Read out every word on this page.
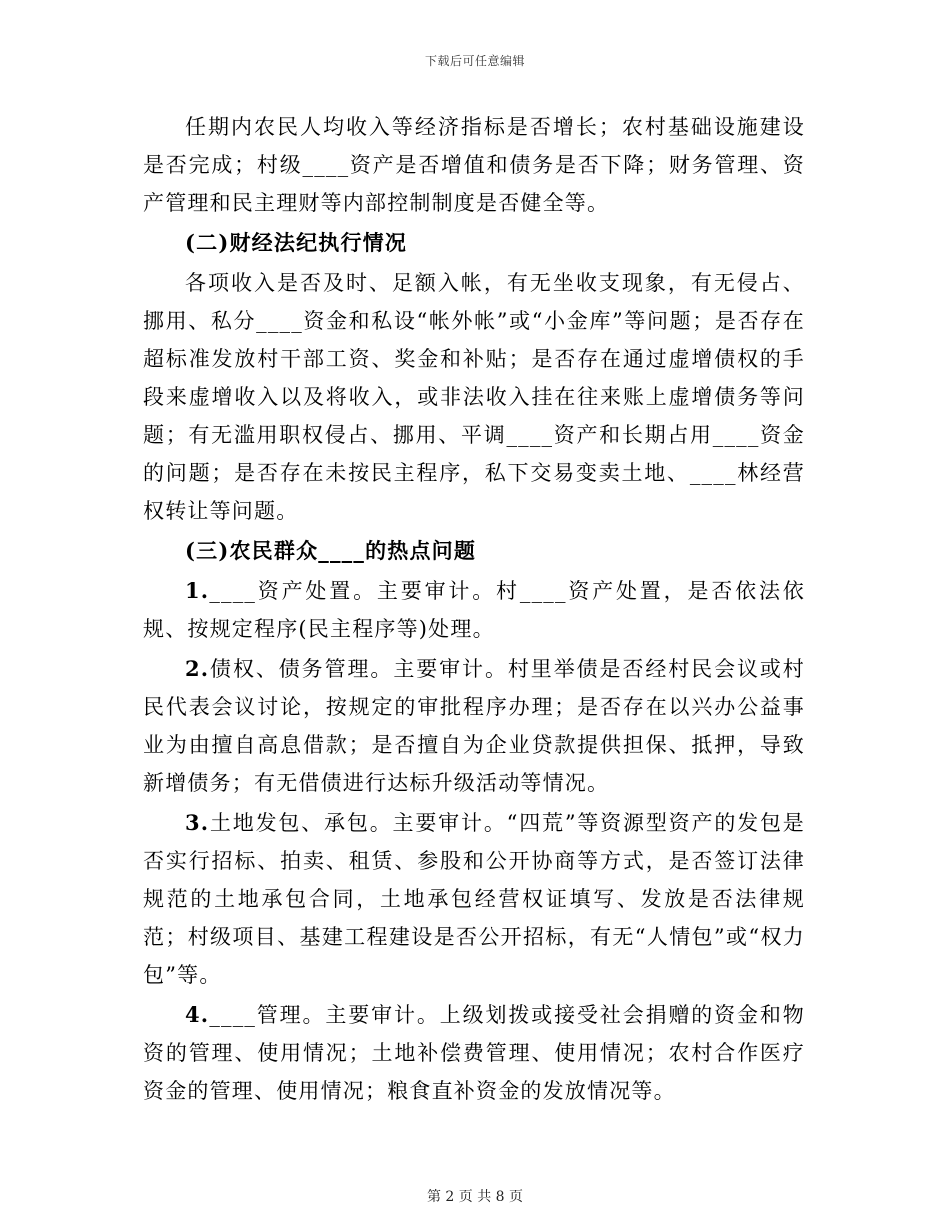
下载后可任意编辑

任期内农民人均收入等经济指标是否增长；农村基础设施建设是否完成；村级____资产是否增值和债务是否下降；财务管理、资产管理和民主理财等内部控制制度是否健全等。

(二)财经法纪执行情况

各项收入是否及时、足额入帐，有无坐收支现象，有无侵占、挪用、私分____资金和私设“帐外帐”或“小金库”等问题；是否存在超标准发放村干部工资、奖金和补贴；是否存在通过虚增债权的手段来虚增收入以及将收入，或非法收入挂在往来账上虚增债务等问题；有无滥用职权侵占、挪用、平调____资产和长期占用____资金的问题；是否存在未按民主程序，私下交易变卖土地、____林经营权转让等问题。

(三)农民群众____的热点问题

1.____资产处置。主要审计。村____资产处置，是否依法依规、按规定程序(民主程序等)处理。

2.债权、债务管理。主要审计。村里举债是否经村民会议或村民代表会议讨论，按规定的审批程序办理；是否存在以兴办公益事业为由擅自高息借款；是否擅自为企业贷款提供担保、抵押，导致新增债务；有无借债进行达标升级活动等情况。

3.土地发包、承包。主要审计。“四荒”等资源型资产的发包是否实行招标、拍卖、租赁、参股和公开协商等方式，是否签订法律规范的土地承包合同，土地承包经营权证填写、发放是否法律规范；村级项目、基建工程建设是否公开招标，有无“人情包”或“权力包”等。

4.____管理。主要审计。上级划拨或接受社会捐赠的资金和物资的管理、使用情况；土地补偿费管理、使用情况；农村合作医疗资金的管理、使用情况；粮食直补资金的发放情况等。

第 2 页 共 8 页
